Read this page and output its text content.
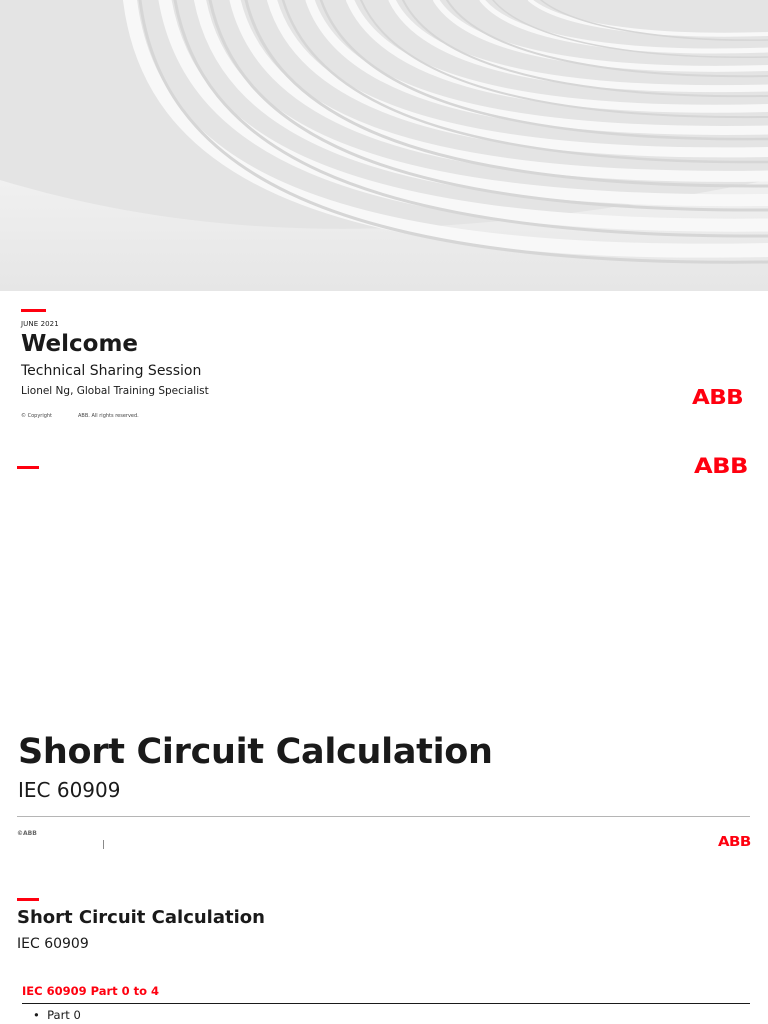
JUNE 2021
Welcome
Technical Sharing Session
Lionel Ng, Global Training Specialist
© Copyright	ABB. All rights reserved.
ABB
ABB
Short Circuit Calculation
IEC 60909
©ABB
|	ABB
Short Circuit Calculation
IEC 60909
IEC 60909 Part 0 to 4
•  Part 0
